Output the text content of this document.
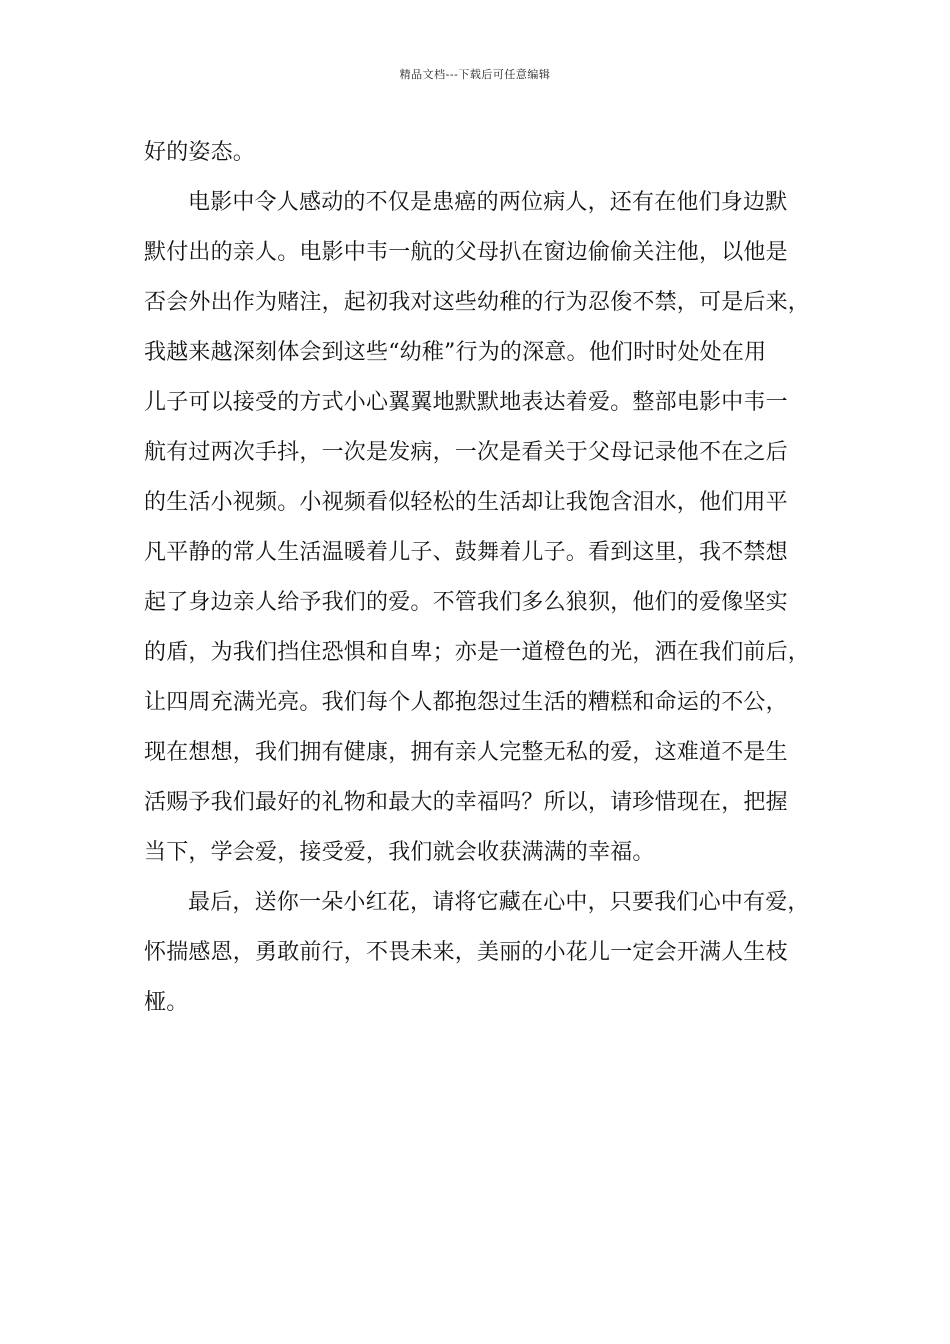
精品文档---下载后可任意编辑
好的姿态。
电影中令人感动的不仅是患癌的两位病人，还有在他们身边默
默付出的亲人。电影中韦一航的父母扒在窗边偷偷关注他，以他是
否会外出作为赌注，起初我对这些幼稚的行为忍俊不禁，可是后来，
我越来越深刻体会到这些“幼稚”行为的深意。他们时时处处在用
儿子可以接受的方式小心翼翼地默默地表达着爱。整部电影中韦一
航有过两次手抖，一次是发病，一次是看关于父母记录他不在之后
的生活小视频。小视频看似轻松的生活却让我饱含泪水，他们用平
凡平静的常人生活温暖着儿子、鼓舞着儿子。看到这里，我不禁想
起了身边亲人给予我们的爱。不管我们多么狼狈，他们的爱像坚实
的盾，为我们挡住恐惧和自卑；亦是一道橙色的光，洒在我们前后，
让四周充满光亮。我们每个人都抱怨过生活的糟糕和命运的不公，
现在想想，我们拥有健康，拥有亲人完整无私的爱，这难道不是生
活赐予我们最好的礼物和最大的幸福吗？所以，请珍惜现在，把握
当下，学会爱，接受爱，我们就会收获满满的幸福。
最后，送你一朵小红花，请将它藏在心中，只要我们心中有爱，
怀揣感恩，勇敢前行，不畏未来，美丽的小花儿一定会开满人生枝
桠。
